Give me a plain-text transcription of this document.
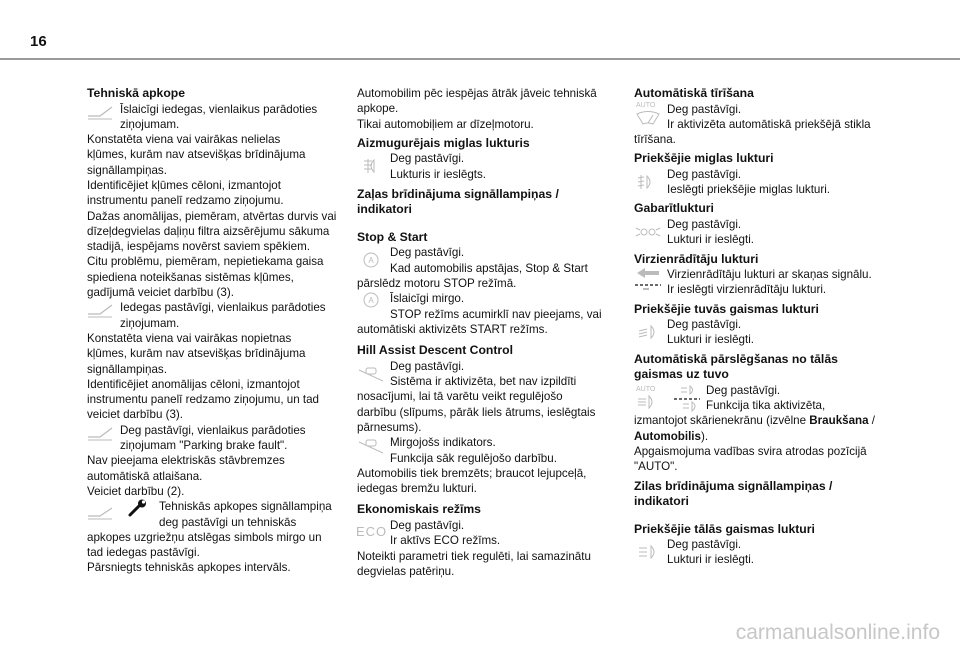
16
Tehniskā apkope
Īslaicīgi iedegas, vienlaikus parādoties
ziņojumam.
Konstatēta viena vai vairākas nelielas
kļūmes, kurām nav atsevišķas brīdinājuma
signāllampiņas.
Identificējiet kļūmes cēloni, izmantojot
instrumentu panelī redzamo ziņojumu.
Dažas anomālijas, piemēram, atvērtas durvis vai
dīzeļdegvielas daļiņu filtra aizsērējumu sākuma
stadijā, iespējams novērst saviem spēkiem.
Citu problēmu, piemēram, nepietiekama gaisa
spiediena noteikšanas sistēmas kļūmes,
gadījumā veiciet darbību (3).
Iedegas pastāvīgi, vienlaikus parādoties
ziņojumam.
Konstatēta viena vai vairākas nopietnas
kļūmes, kurām nav atsevišķas brīdinājuma
signāllampiņas.
Identificējiet anomālijas cēloni, izmantojot
instrumentu panelī redzamo ziņojumu, un tad
veiciet darbību (3).
Deg pastāvīgi, vienlaikus parādoties
ziņojumam "Parking brake fault".
Nav pieejama elektriskās stāvbremzes
automātiskā atlaišana.
Veiciet darbību (2).
Tehniskās apkopes signāllampiņa
deg pastāvīgi un tehniskās
apkopes uzgriežņu atslēgas simbols mirgo un
tad iedegas pastāvīgi.
Pārsniegts tehniskās apkopes intervāls.
Automobilim pēc iespējas ātrāk jāveic tehniskā
apkope.
Tikai automobiļiem ar dīzeļmotoru.
Aizmugurējais miglas lukturis
Deg pastāvīgi.
Lukturis ir ieslēgts.
Zaļas brīdinājuma signāllampiņas /
indikatori
Stop & Start
A
Deg pastāvīgi.
Kad automobilis apstājas, Stop & Start
pārslēdz motoru STOP režīmā.
A	Īslaicīgi mirgo.
STOP režīms acumirklī nav pieejams, vai
automātiski aktivizēts START režīms.
Hill Assist Descent Control
Deg pastāvīgi.
Sistēma ir aktivizēta, bet nav izpildīti
nosacījumi, lai tā varētu veikt regulējošo
darbību (slīpums, pārāk liels ātrums, ieslēgtais
pārnesums).
Mirgojošs indikators.
Funkcija sāk regulējošo darbību.
Automobilis tiek bremzēts; braucot lejupceļā,
iedegas bremžu lukturi.
Ekonomiskais režīms
ECO Deg pastāvīgi.
Ir aktīvs ECO režīms.
Noteikti parametri tiek regulēti, lai samazinātu
degvielas patēriņu.
Automātiskā tīrīšana
AUTO	Deg pastāvīgi.
Ir aktivizēta automātiskā priekšējā stikla
tīrīšana.
Priekšējie miglas lukturi
Deg pastāvīgi.
Ieslēgti priekšējie miglas lukturi.
Gabarītlukturi
Deg pastāvīgi.
Lukturi ir ieslēgti.
Virzienrādītāju lukturi
Virzienrādītāju lukturi ar skaņas signālu.
Ir ieslēgti virzienrādītāju lukturi.
Priekšējie tuvās gaismas lukturi
Deg pastāvīgi.
Lukturi ir ieslēgti.
Automātiskā pārslēgšanas no tālās
gaismas uz tuvo
AUTO	Deg pastāvīgi.
Funkcija tika aktivizēta,
izmantojot skārienekrānu (izvēlne Braukšana /
Automobilis).
Apgaismojuma vadības svira atrodas pozīcijā
"AUTO".
Zilas brīdinājuma signāllampiņas /
indikatori
Priekšējie tālās gaismas lukturi
Deg pastāvīgi.
Lukturi ir ieslēgti.
carmanualsonline.info
